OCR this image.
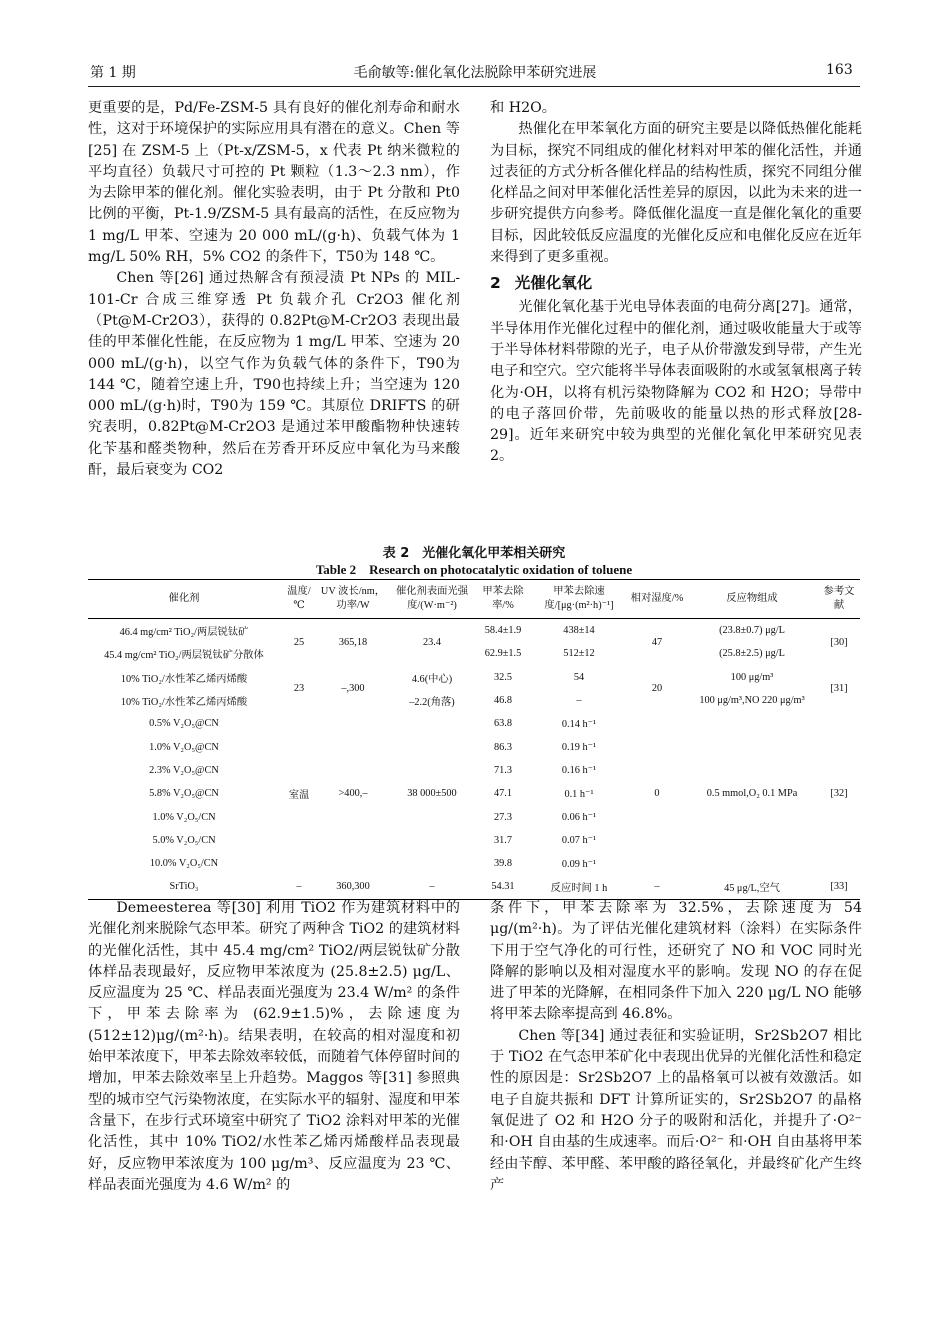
第 1 期	毛俞敏等:催化氧化法脱除甲苯研究进展	163

更重要的是，Pd/Fe-ZSM-5 具有良好的催化剂寿命和耐水性，这对于环境保护的实际应用具有潜在的意义。Chen 等[25] 在 ZSM-5 上（Pt-x/ZSM-5，x 代表 Pt 纳米微粒的平均直径）负载尺寸可控的 Pt 颗粒（1.3～2.3 nm），作为去除甲苯的催化剂。催化实验表明，由于 Pt 分散和 Pt0 比例的平衡，Pt-1.9/ZSM-5 具有最高的活性，在反应物为 1 mg/L 甲苯、空速为 20 000 mL/(g·h)、负载气体为 1 mg/L 50% RH，5% CO2 的条件下，T50为 148 ℃。

Chen 等[26] 通过热解含有预浸渍 Pt NPs 的 MIL-101-Cr 合成三维穿透 Pt 负载介孔 Cr2O3 催化剂（Pt@M-Cr2O3），获得的 0.82Pt@M-Cr2O3 表现出最佳的甲苯催化性能，在反应物为 1 mg/L 甲苯、空速为 20 000 mL/(g·h)，以空气作为负载气体的条件下，T90为 144 ℃，随着空速上升，T90也持续上升；当空速为 120 000 mL/(g·h)时，T90为 159 ℃。其原位 DRIFTS 的研究表明，0.82Pt@M-Cr2O3 是通过苯甲酸酯物种快速转化苄基和醛类物种，然后在芳香开环反应中氧化为马来酸酐，最后衰变为 CO2

和 H2O。

热催化在甲苯氧化方面的研究主要是以降低热催化能耗为目标，探究不同组成的催化材料对甲苯的催化活性，并通过表征的方式分析各催化样品的结构性质，探究不同组分催化样品之间对甲苯催化活性差异的原因，以此为未来的进一步研究提供方向参考。降低催化温度一直是催化氧化的重要目标，因此较低反应温度的光催化反应和电催化反应在近年来得到了更多重视。

2 光催化氧化

光催化氧化基于光电导体表面的电荷分离[27]。通常，半导体用作光催化过程中的催化剂，通过吸收能量大于或等于半导体材料带隙的光子，电子从价带激发到导带，产生光电子和空穴。空穴能将半导体表面吸附的水或氢氧根离子转化为·OH，以将有机污染物降解为 CO2 和 H2O；导带中的电子落回价带，先前吸收的能量以热的形式释放[28-29]。近年来研究中较为典型的光催化氧化甲苯研究见表 2。

表 2　光催化氧化甲苯相关研究
Table 2　Research on photocatalytic oxidation of toluene
催化剂	温度/℃	UV 波长/nm，功率/W	催化剂表面光强度/(W·m⁻²)	甲苯去除率/%	甲苯去除速度/[μg·(m²·h)⁻¹]	相对湿度/%	反应物组成	参考文献
46.4 mg/cm² TiO₂/两层锐钛矿	25	365,18	23.4	58.4±1.9	438±14	47	(23.8±0.7) μg/L	[30]
45.4 mg/cm² TiO₂/两层锐钛矿分散体				62.9±1.5	512±12		(25.8±2.5) μg/L	
10% TiO₂/水性苯乙烯丙烯酸	23	–,300	4.6(中心)	32.5	54	20	100 μg/m³	[31]
10% TiO₂/水性苯乙烯丙烯酸			–2.2(角落)	46.8	–		100 μg/m³,NO 220 μg/m³	
0.5% V₂O₅@CN	室温	>400,–	38 000±500	63.8	0.14 h⁻¹	0	0.5 mmol,O₂ 0.1 MPa	[32]
1.0% V₂O₅@CN				86.3	0.19 h⁻¹			
2.3% V₂O₅@CN				71.3	0.16 h⁻¹			
5.8% V₂O₅@CN				47.1	0.1 h⁻¹			
1.0% V₂O₅/CN				27.3	0.06 h⁻¹			
5.0% V₂O₅/CN				31.7	0.07 h⁻¹			
10.0% V₂O₅/CN				39.8	0.09 h⁻¹			
SrTiO₃	–	360,300	–	54.31	反应时间 1 h	–	45 μg/L,空气	[33]

Demeesterea 等[30] 利用 TiO2 作为建筑材料中的光催化剂来脱除气态甲苯。研究了两种含 TiO2 的建筑材料的光催化活性，其中 45.4 mg/cm² TiO2/两层锐钛矿分散体样品表现最好，反应物甲苯浓度为 (25.8±2.5) μg/L、反应温度为 25 ℃、样品表面光强度为 23.4 W/m² 的条件下，甲苯去除率为 (62.9±1.5)%，去除速度为 (512±12)μg/(m²·h)。结果表明，在较高的相对湿度和初始甲苯浓度下，甲苯去除效率较低，而随着气体停留时间的增加，甲苯去除效率呈上升趋势。Maggos 等[31] 参照典型的城市空气污染物浓度，在实际水平的辐射、湿度和甲苯含量下，在步行式环境室中研究了 TiO2 涂料对甲苯的光催化活性，其中 10% TiO2/水性苯乙烯丙烯酸样品表现最好，反应物甲苯浓度为 100 μg/m³、反应温度为 23 ℃、样品表面光强度为 4.6 W/m² 的

条件下，甲苯去除率为 32.5%，去除速度为 54 μg/(m²·h)。为了评估光催化建筑材料（涂料）在实际条件下用于空气净化的可行性，还研究了 NO 和 VOC 同时光降解的影响以及相对湿度水平的影响。发现 NO 的存在促进了甲苯的光降解，在相同条件下加入 220 μg/L NO 能够将甲苯去除率提高到 46.8%。

Chen 等[34] 通过表征和实验证明，Sr2Sb2O7 相比于 TiO2 在气态甲苯矿化中表现出优异的光催化活性和稳定性的原因是：Sr2Sb2O7 上的晶格氧可以被有效激活。如电子自旋共振和 DFT 计算所证实的，Sr2Sb2O7 的晶格氧促进了 O2 和 H2O 分子的吸附和活化，并提升了·O²⁻ 和·OH 自由基的生成速率。而后·O²⁻ 和·OH 自由基将甲苯经由苄醇、苯甲醛、苯甲酸的路径氧化，并最终矿化产生终产
